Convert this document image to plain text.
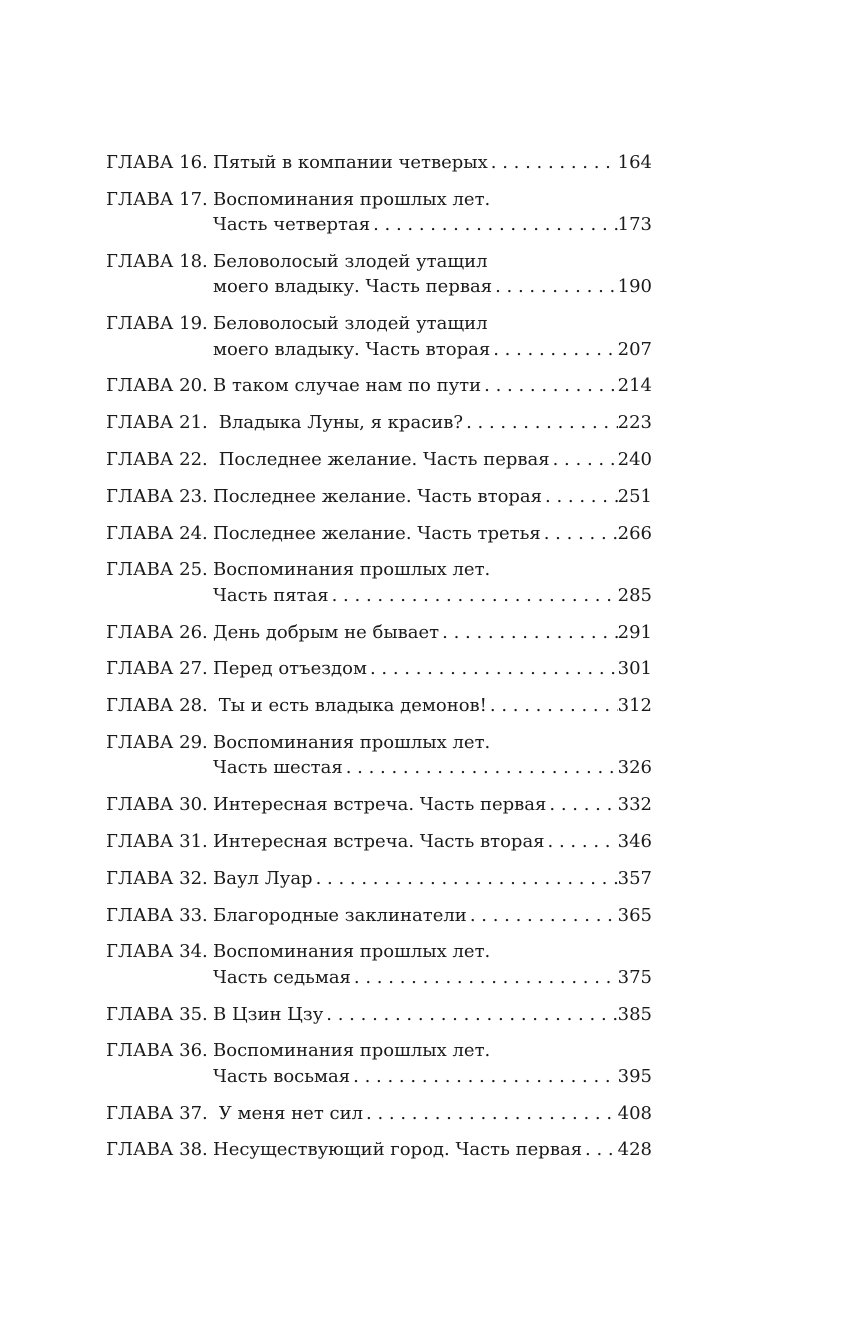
ГЛАВА 16. Пятый в компании четверых . . .	164
ГЛАВА 17. Воспоминания прошлых лет.
Часть четвертая . . .	173
ГЛАВА 18. Беловолосый злодей утащил
моего владыку. Часть первая . . .	190
ГЛАВА 19. Беловолосый злодей утащил
моего владыку. Часть вторая . . .	207
ГЛАВА 20. В таком случае нам по пути . . .	214
ГЛАВА 21. Владыка Луны, я красив? . . .	223
ГЛАВА 22. Последнее желание. Часть первая . . .	240
ГЛАВА 23. Последнее желание. Часть вторая . . .	251
ГЛАВА 24. Последнее желание. Часть третья . . .	266
ГЛАВА 25. Воспоминания прошлых лет.
Часть пятая . . .	285
ГЛАВА 26. День добрым не бывает . . .	291
ГЛАВА 27. Перед отъездом . . .	301
ГЛАВА 28. Ты и есть владыка демонов! . . .	312
ГЛАВА 29. Воспоминания прошлых лет.
Часть шестая . . .	326
ГЛАВА 30. Интересная встреча. Часть первая . . .	332
ГЛАВА 31. Интересная встреча. Часть вторая . . .	346
ГЛАВА 32. Ваул Луар . . .	357
ГЛАВА 33. Благородные заклинатели . . .	365
ГЛАВА 34. Воспоминания прошлых лет.
Часть седьмая . . .	375
ГЛАВА 35. В Цзин Цзу . . .	385
ГЛАВА 36. Воспоминания прошлых лет.
Часть восьмая . . .	395
ГЛАВА 37. У меня нет сил . . .	408
ГЛАВА 38. Несуществующий город. Часть первая . . . 428
